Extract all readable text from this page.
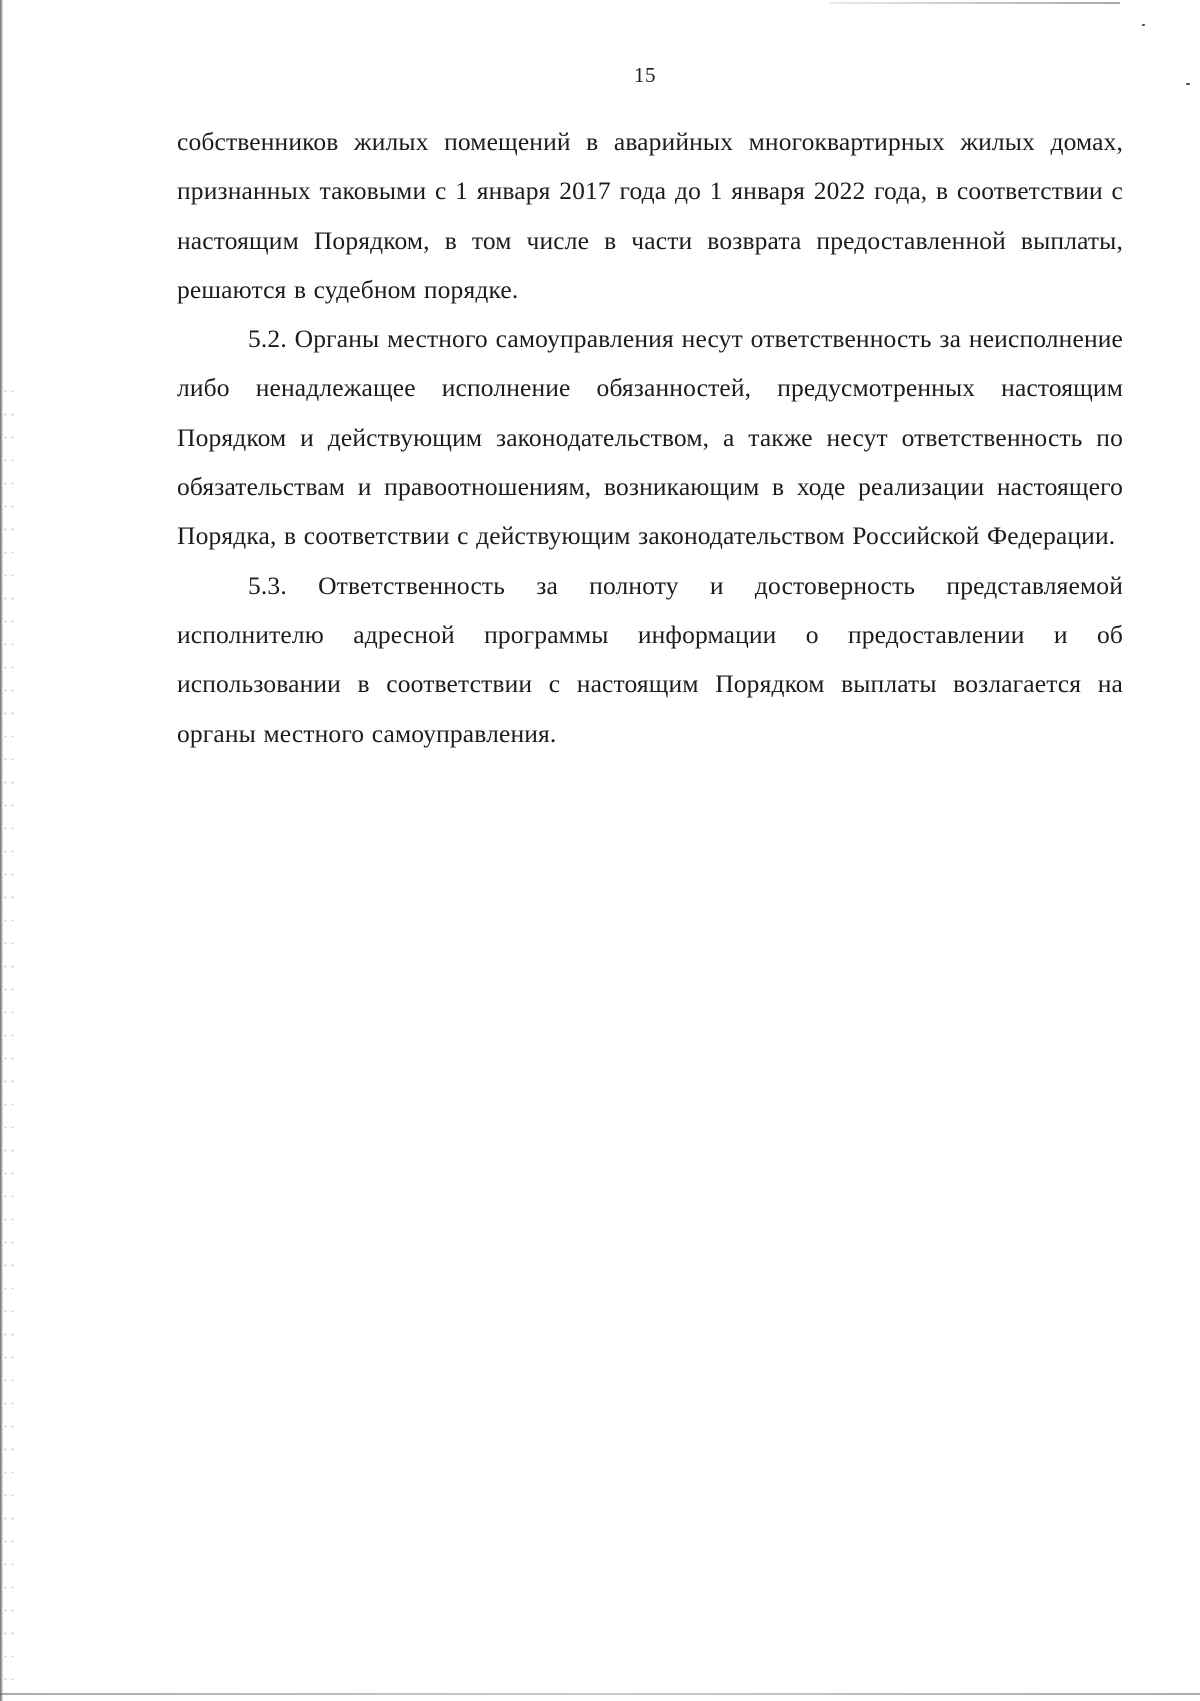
15

собственников жилых помещений в аварийных многоквартирных жилых домах, признанных таковыми с 1 января 2017 года до 1 января 2022 года, в соответствии с настоящим Порядком, в том числе в части возврата предоставленной выплаты, решаются в судебном порядке.

5.2. Органы местного самоуправления несут ответственность за неисполнение либо ненадлежащее исполнение обязанностей, предусмотренных настоящим Порядком и действующим законодательством, а также несут ответственность по обязательствам и правоотношениям, возникающим в ходе реализации настоящего Порядка, в соответствии с действующим законодательством Российской Федерации.

5.3. Ответственность за полноту и достоверность представляемой исполнителю адресной программы информации о предоставлении и об использовании в соответствии с настоящим Порядком выплаты возлагается на органы местного самоуправления.
